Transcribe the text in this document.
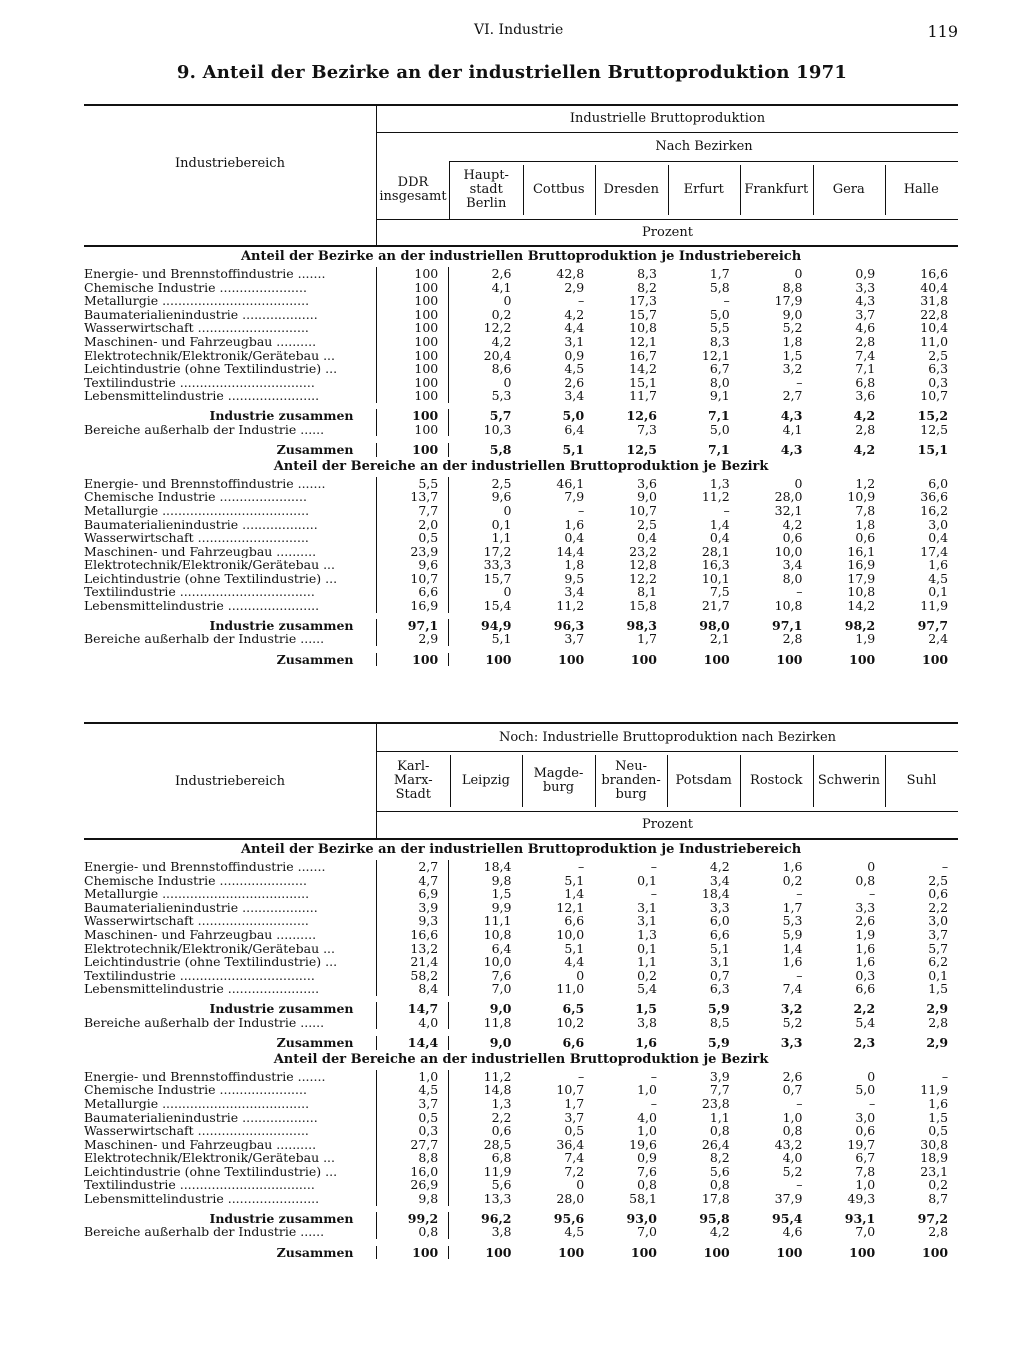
VI. Industrie	119
9. Anteil der Bezirke an der industriellen Bruttoproduktion 1971
Industriebereich
Industrielle Bruttoproduktion
Nach Bezirken
DDR
insgesamt
Haupt-
stadt
Berlin
Cottbus Dresden Erfurt Frankfurt Gera	Halle
Prozent
Anteil der Bezirke an der industriellen Bruttoproduktion je Industriebereich								
Energie- und Brennstoffindustrie .......	100	2,6	42,8	8,3	1,7	0	0,9	16,6
Chemische Industrie ......................	100	4,1	2,9	8,2	5,8	8,8	3,3	40,4
Metallurgie .....................................	100	0	–	17,3	–	17,9	4,3	31,8
Baumaterialienindustrie ...................	100	0,2	4,2	15,7	5,0	9,0	3,7	22,8
Wasserwirtschaft ............................	100	12,2	4,4	10,8	5,5	5,2	4,6	10,4
Maschinen- und Fahrzeugbau ..........	100	4,2	3,1	12,1	8,3	1,8	2,8	11,0
Elektrotechnik/Elektronik/Gerätebau ...	100	20,4	0,9	16,7	12,1	1,5	7,4	2,5
Leichtindustrie (ohne Textilindustrie) ...	100	8,6	4,5	14,2	6,7	3,2	7,1	6,3
Textilindustrie ..................................	100	0	2,6	15,1	8,0	–	6,8	0,3
Lebensmittelindustrie .......................	100	5,3	3,4	11,7	9,1	2,7	3,6	10,7

Industrie zusammen	100	5,7	5,0	12,6	7,1	4,3	4,2	15,2
Bereiche außerhalb der Industrie ......	100	10,3	6,4	7,3	5,0	4,1	2,8	12,5

Zusammen	100	5,8	5,1	12,5	7,1	4,3	4,2	15,1
Anteil der Bereiche an der industriellen Bruttoproduktion je Bezirk								
Energie- und Brennstoffindustrie .......	5,5	2,5	46,1	3,6	1,3	0	1,2	6,0
Chemische Industrie ......................	13,7	9,6	7,9	9,0	11,2	28,0	10,9	36,6
Metallurgie .....................................	7,7	0	–	10,7	–	32,1	7,8	16,2
Baumaterialienindustrie ...................	2,0	0,1	1,6	2,5	1,4	4,2	1,8	3,0
Wasserwirtschaft ............................	0,5	1,1	0,4	0,4	0,4	0,6	0,6	0,4
Maschinen- und Fahrzeugbau ..........	23,9	17,2	14,4	23,2	28,1	10,0	16,1	17,4
Elektrotechnik/Elektronik/Gerätebau ...	9,6	33,3	1,8	12,8	16,3	3,4	16,9	1,6
Leichtindustrie (ohne Textilindustrie) ...	10,7	15,7	9,5	12,2	10,1	8,0	17,9	4,5
Textilindustrie ..................................	6,6	0	3,4	8,1	7,5	–	10,8	0,1
Lebensmittelindustrie .......................	16,9	15,4	11,2	15,8	21,7	10,8	14,2	11,9

Industrie zusammen	97,1	94,9	96,3	98,3	98,0	97,1	98,2	97,7
Bereiche außerhalb der Industrie ......	2,9	5,1	3,7	1,7	2,1	2,8	1,9	2,4

Zusammen	100	100	100	100	100	100	100	100
Industriebereich
Noch: Industrielle Bruttoproduktion nach Bezirken
Karl-
Marx-
Stadt
Leipzig Magde-
burg
Neu-
branden-
burg
Potsdam Rostock Schwerin Suhl
Prozent
Anteil der Bezirke an der industriellen Bruttoproduktion je Industriebereich								
Energie- und Brennstoffindustrie .......	2,7	18,4	–	–	4,2	1,6	0	–
Chemische Industrie ......................	4,7	9,8	5,1	0,1	3,4	0,2	0,8	2,5
Metallurgie .....................................	6,9	1,5	1,4	–	18,4	–	–	0,6
Baumaterialienindustrie ...................	3,9	9,9	12,1	3,1	3,3	1,7	3,3	2,2
Wasserwirtschaft ............................	9,3	11,1	6,6	3,1	6,0	5,3	2,6	3,0
Maschinen- und Fahrzeugbau ..........	16,6	10,8	10,0	1,3	6,6	5,9	1,9	3,7
Elektrotechnik/Elektronik/Gerätebau ...	13,2	6,4	5,1	0,1	5,1	1,4	1,6	5,7
Leichtindustrie (ohne Textilindustrie) ...	21,4	10,0	4,4	1,1	3,1	1,6	1,6	6,2
Textilindustrie ..................................	58,2	7,6	0	0,2	0,7	–	0,3	0,1
Lebensmittelindustrie .......................	8,4	7,0	11,0	5,4	6,3	7,4	6,6	1,5

Industrie zusammen	14,7	9,0	6,5	1,5	5,9	3,2	2,2	2,9
Bereiche außerhalb der Industrie ......	4,0	11,8	10,2	3,8	8,5	5,2	5,4	2,8

Zusammen	14,4	9,0	6,6	1,6	5,9	3,3	2,3	2,9
Anteil der Bereiche an der industriellen Bruttoproduktion je Bezirk								
Energie- und Brennstoffindustrie .......	1,0	11,2	–	–	3,9	2,6	0	–
Chemische Industrie ......................	4,5	14,8	10,7	1,0	7,7	0,7	5,0	11,9
Metallurgie .....................................	3,7	1,3	1,7	–	23,8	–	–	1,6
Baumaterialienindustrie ...................	0,5	2,2	3,7	4,0	1,1	1,0	3,0	1,5
Wasserwirtschaft ............................	0,3	0,6	0,5	1,0	0,8	0,8	0,6	0,5
Maschinen- und Fahrzeugbau ..........	27,7	28,5	36,4	19,6	26,4	43,2	19,7	30,8
Elektrotechnik/Elektronik/Gerätebau ...	8,8	6,8	7,4	0,9	8,2	4,0	6,7	18,9
Leichtindustrie (ohne Textilindustrie) ...	16,0	11,9	7,2	7,6	5,6	5,2	7,8	23,1
Textilindustrie ..................................	26,9	5,6	0	0,8	0,8	–	1,0	0,2
Lebensmittelindustrie .......................	9,8	13,3	28,0	58,1	17,8	37,9	49,3	8,7

Industrie zusammen	99,2	96,2	95,6	93,0	95,8	95,4	93,1	97,2
Bereiche außerhalb der Industrie ......	0,8	3,8	4,5	7,0	4,2	4,6	7,0	2,8

Zusammen	100	100	100	100	100	100	100	100
